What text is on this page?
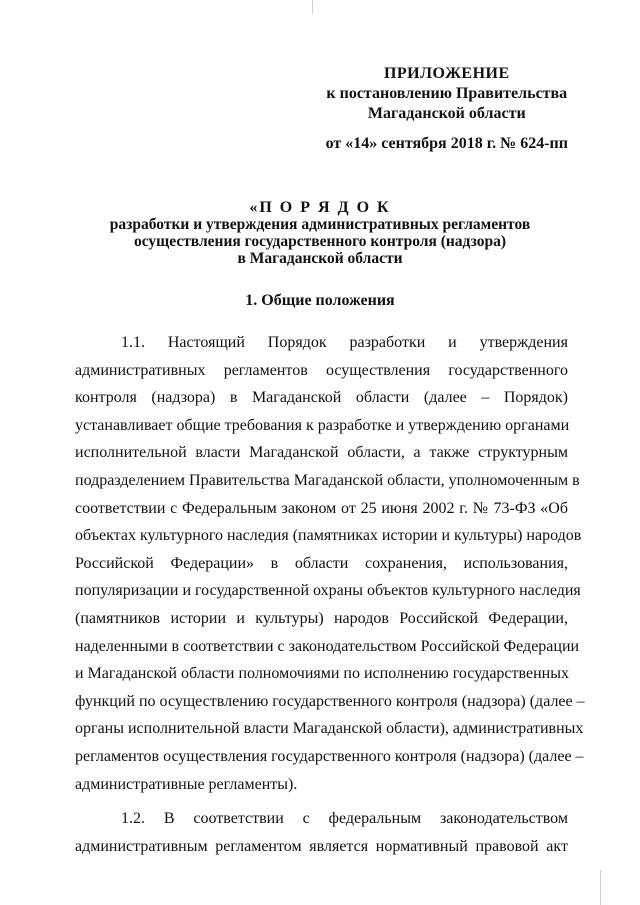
ПРИЛОЖЕНИЕ
к постановлению Правительства
Магаданской области
от «14» сентября 2018 г. № 624-пп
«П О Р Я Д О К
разработки и утверждения административных регламентов
осуществления государственного контроля (надзора)
в Магаданской области
1. Общие положения
1.1. Настоящий Порядок разработки и утверждения
административных регламентов осуществления государственного
контроля (надзора) в Магаданской области (далее – Порядок)
устанавливает общие требования к разработке и утверждению органами
исполнительной власти Магаданской области, а также структурным
подразделением Правительства Магаданской области, уполномоченным в
соответствии с Федеральным законом от 25 июня 2002 г. № 73-ФЗ «Об
объектах культурного наследия (памятниках истории и культуры) народов
Российской Федерации» в области сохранения, использования,
популяризации и государственной охраны объектов культурного наследия
(памятников истории и культуры) народов Российской Федерации,
наделенными в соответствии с законодательством Российской Федерации
и Магаданской области полномочиями по исполнению государственных
функций по осуществлению государственного контроля (надзора) (далее –
органы исполнительной власти Магаданской области), административных
регламентов осуществления государственного контроля (надзора) (далее –
административные регламенты).
1.2. В соответствии с федеральным законодательством
административным регламентом является нормативный правовой акт
